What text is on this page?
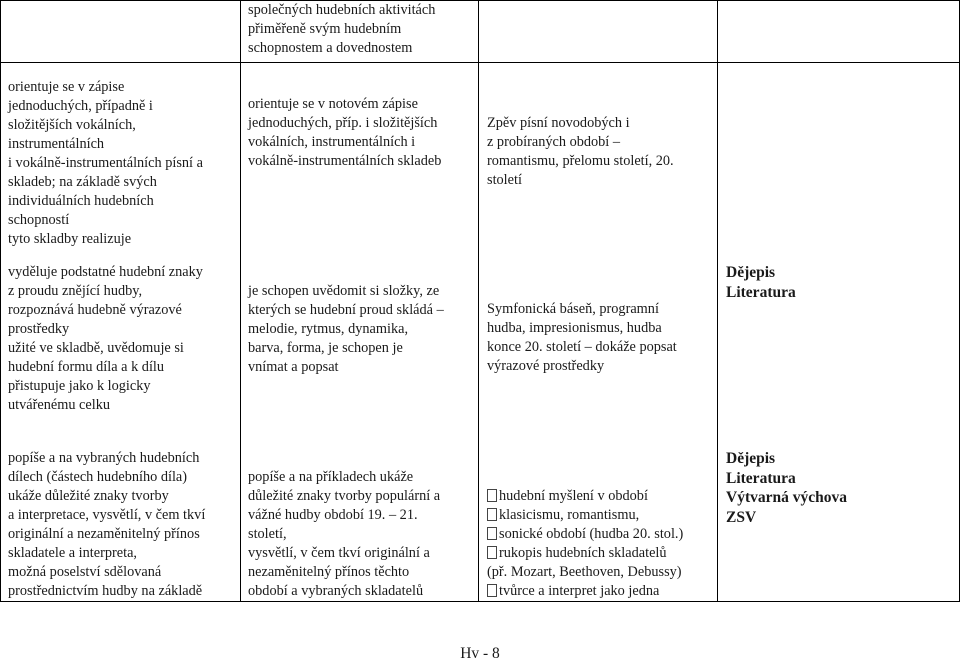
společných hudebních aktivitách

přiměřeně svým hudebním

schopnostem a dovednostem

orientuje se v zápise

jednoduchých, případně i

složitějších vokálních,

instrumentálních

i vokálně-instrumentálních písní a

skladeb; na základě svých

individuálních hudebních

schopností

tyto skladby realizuje

orientuje se v notovém zápise

jednoduchých, příp. i složitějších

vokálních, instrumentálních i

vokálně-instrumentálních skladeb

Zpěv písní novodobých i

z probíraných období –

romantismu, přelomu století, 20.

století

vyděluje podstatné hudební znaky

z proudu znějící hudby,

rozpoznává hudebně výrazové

prostředky

užité ve skladbě, uvědomuje si

hudební formu díla a k dílu

přistupuje jako k logicky

utvářenému celku

je schopen uvědomit si složky, ze

kterých se hudební proud skládá –

melodie, rytmus, dynamika,

barva, forma, je schopen je

vnímat a popsat

Symfonická báseň, programní

hudba, impresionismus, hudba

konce 20. století – dokáže popsat

výrazové prostředky

Dějepis

Literatura

popíše a na vybraných hudebních

dílech (částech hudebního díla)

ukáže důležité znaky tvorby

a interpretace, vysvětlí, v čem tkví

originální a nezaměnitelný přínos

skladatele a interpreta,

možná poselství sdělovaná

prostřednictvím hudby na základě

popíše a na příkladech ukáže

důležité znaky tvorby populární a

vážné hudby období 19. – 21.

století,

vysvětlí, v čem tkví originální a

nezaměnitelný přínos těchto

období a vybraných skladatelů

hudební myšlení v období

klasicismu, romantismu,

sonické období (hudba 20. stol.)

rukopis hudebních skladatelů

(př. Mozart, Beethoven, Debussy)

tvůrce a interpret jako jedna

Dějepis

Literatura

Výtvarná výchova

ZSV

Hv - 8
